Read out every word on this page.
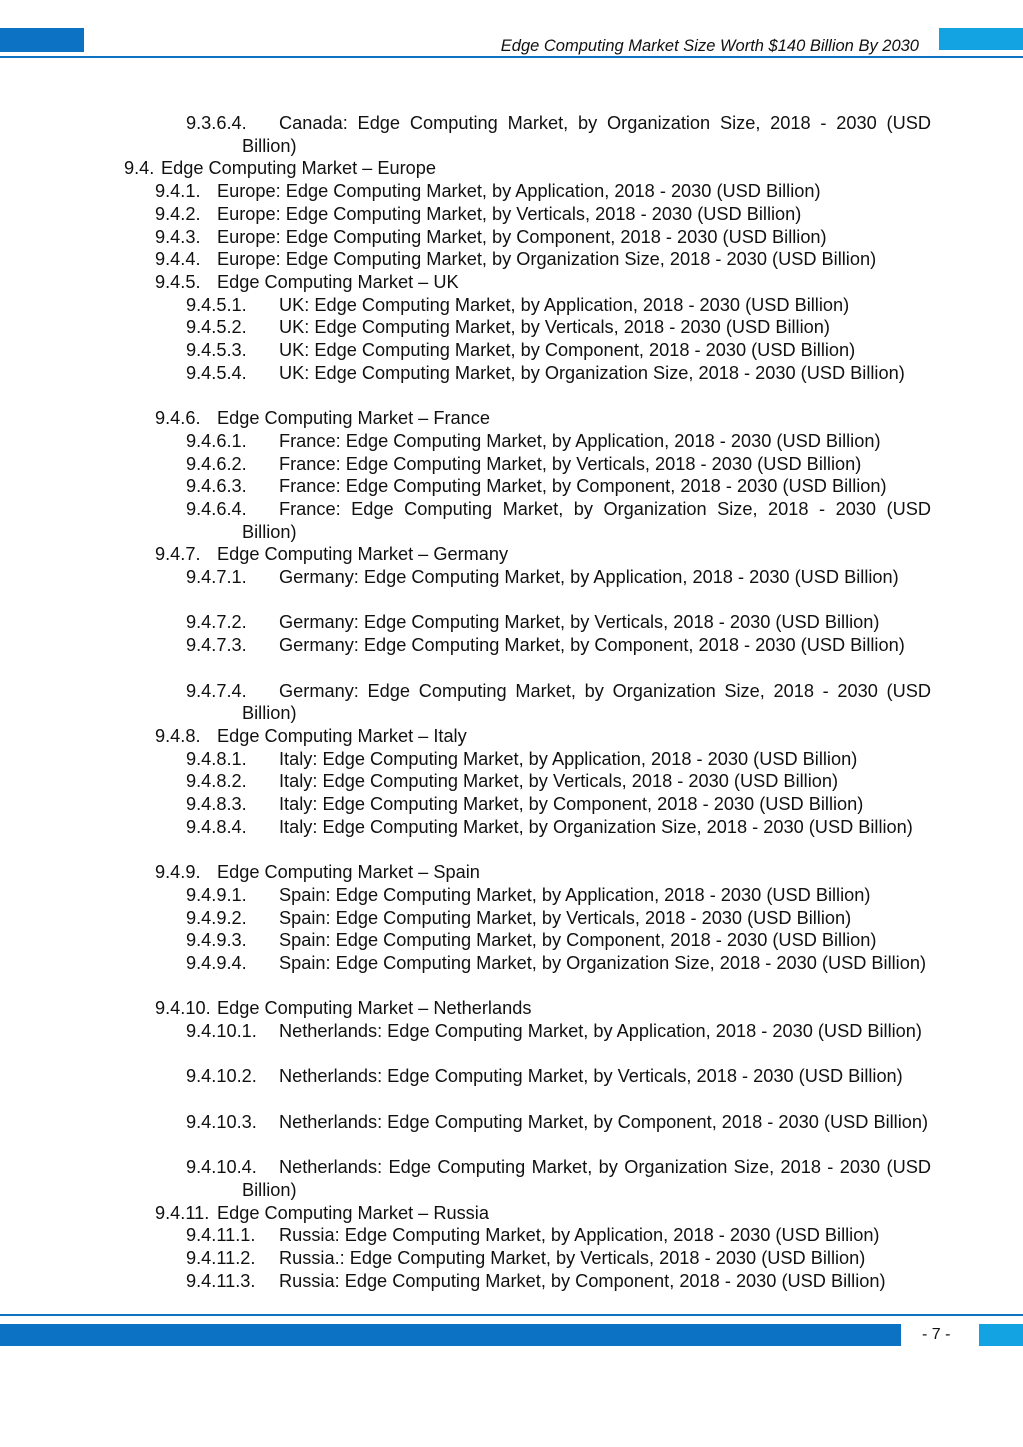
Edge Computing Market Size Worth $140 Billion By 2030
9.3.6.4.	Canada: Edge Computing Market, by Organization Size, 2018 - 2030 (USD Billion)
9.4. Edge Computing Market – Europe
9.4.1. Europe: Edge Computing Market, by Application, 2018 - 2030 (USD Billion)
9.4.2. Europe: Edge Computing Market, by Verticals, 2018 - 2030 (USD Billion)
9.4.3. Europe: Edge Computing Market, by Component, 2018 - 2030 (USD Billion)
9.4.4. Europe: Edge Computing Market, by Organization Size, 2018 - 2030 (USD Billion)
9.4.5. Edge Computing Market – UK
9.4.5.1.	UK: Edge Computing Market, by Application, 2018 - 2030 (USD Billion)
9.4.5.2.	UK: Edge Computing Market, by Verticals, 2018 - 2030 (USD Billion)
9.4.5.3.	UK: Edge Computing Market, by Component, 2018 - 2030 (USD Billion)
9.4.5.4.	UK: Edge Computing Market, by Organization Size, 2018 - 2030 (USD Billion)
9.4.6. Edge Computing Market – France
9.4.6.1.	France: Edge Computing Market, by Application, 2018 - 2030 (USD Billion)
9.4.6.2.	France: Edge Computing Market, by Verticals, 2018 - 2030 (USD Billion)
9.4.6.3.	France: Edge Computing Market, by Component, 2018 - 2030 (USD Billion)
9.4.6.4.	France: Edge Computing Market, by Organization Size, 2018 - 2030 (USD Billion)
9.4.7. Edge Computing Market – Germany
9.4.7.1.	Germany: Edge Computing Market, by Application, 2018 - 2030 (USD Billion)
9.4.7.2.	Germany: Edge Computing Market, by Verticals, 2018 - 2030 (USD Billion)
9.4.7.3.	Germany: Edge Computing Market, by Component, 2018 - 2030 (USD Billion)
9.4.7.4.	Germany: Edge Computing Market, by Organization Size, 2018 - 2030 (USD Billion)
9.4.8. Edge Computing Market – Italy
9.4.8.1.	Italy: Edge Computing Market, by Application, 2018 - 2030 (USD Billion)
9.4.8.2.	Italy: Edge Computing Market, by Verticals, 2018 - 2030 (USD Billion)
9.4.8.3.	Italy: Edge Computing Market, by Component, 2018 - 2030 (USD Billion)
9.4.8.4.	Italy: Edge Computing Market, by Organization Size, 2018 - 2030 (USD Billion)
9.4.9. Edge Computing Market – Spain
9.4.9.1.	Spain: Edge Computing Market, by Application, 2018 - 2030 (USD Billion)
9.4.9.2.	Spain: Edge Computing Market, by Verticals, 2018 - 2030 (USD Billion)
9.4.9.3.	Spain: Edge Computing Market, by Component, 2018 - 2030 (USD Billion)
9.4.9.4.	Spain: Edge Computing Market, by Organization Size, 2018 - 2030 (USD Billion)
9.4.10. Edge Computing Market – Netherlands
9.4.10.1.	Netherlands: Edge Computing Market, by Application, 2018 - 2030 (USD Billion)
9.4.10.2.	Netherlands: Edge Computing Market, by Verticals, 2018 - 2030 (USD Billion)
9.4.10.3.	Netherlands: Edge Computing Market, by Component, 2018 - 2030 (USD Billion)
9.4.10.4.	Netherlands: Edge Computing Market, by Organization Size, 2018 - 2030 (USD Billion)
9.4.11. Edge Computing Market – Russia
9.4.11.1.	Russia: Edge Computing Market, by Application, 2018 - 2030 (USD Billion)
9.4.11.2.	Russia.: Edge Computing Market, by Verticals, 2018 - 2030 (USD Billion)
9.4.11.3.	Russia: Edge Computing Market, by Component, 2018 - 2030 (USD Billion)
- 7 -
